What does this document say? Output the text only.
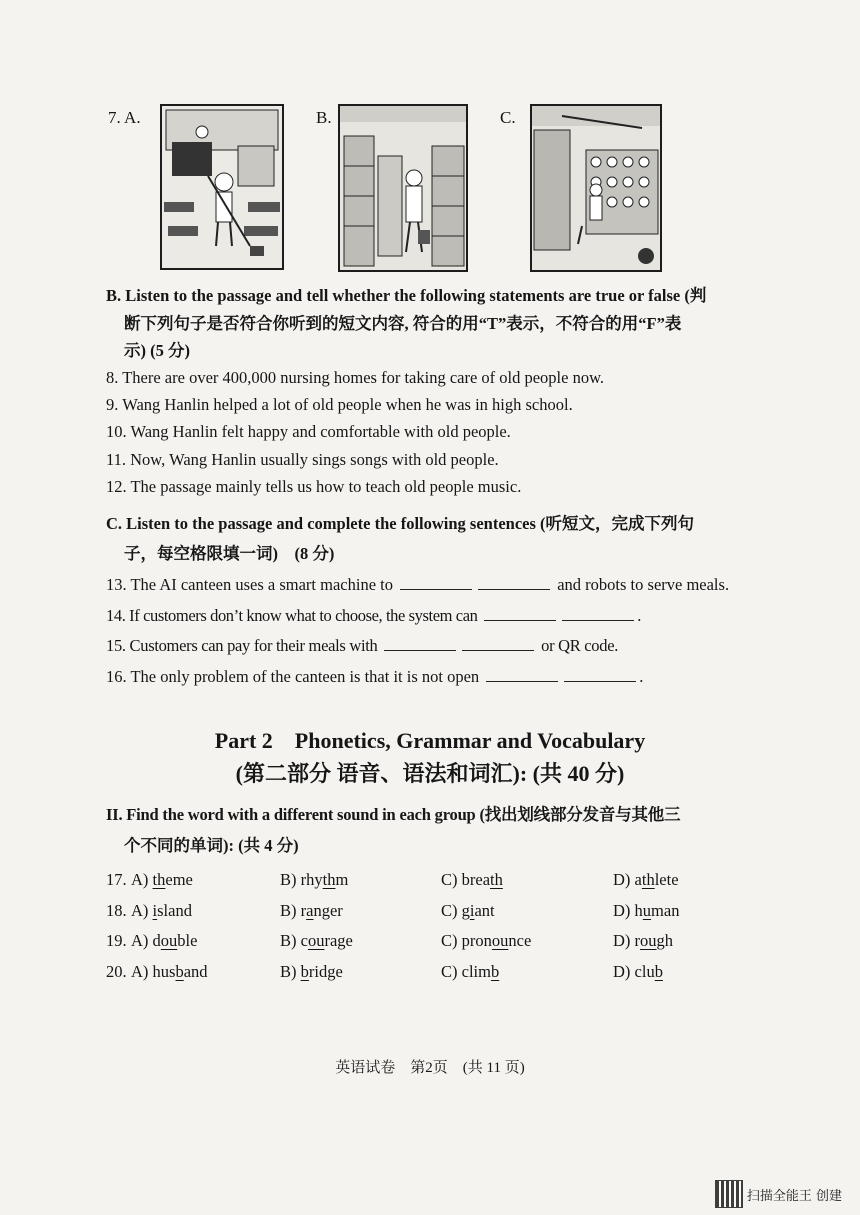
7. A.	B.	C.
B. Listen to the passage and tell whether the following statements are true or false (判
断下列句子是否符合你听到的短文内容, 符合的用“T”表示，不符合的用“F”表
示) (5 分)
8. There are over 400,000 nursing homes for taking care of old people now.
9. Wang Hanlin helped a lot of old people when he was in high school.
10. Wang Hanlin felt happy and comfortable with old people.
11. Now, Wang Hanlin usually sings songs with old people.
12. The passage mainly tells us how to teach old people music.
C. Listen to the passage and complete the following sentences (听短文，完成下列句
子，每空格限填一词)　(8 分)
13. The AI canteen uses a smart machine to	and robots to serve meals.
14. If customers don’t know what to choose, the system can	.
15. Customers can pay for their meals with	or QR code.
16. The only problem of the canteen is that it is not open	.
Part 2　Phonetics, Grammar and Vocabulary
(第二部分 语音、语法和词汇): (共 40 分)
II. Find the word with a different sound in each group (找出划线部分发音与其他三
个不同的单词): (共 4 分)
17. A) theme	B) rhythm	C) breath	D) athlete
18. A) island	B) ranger	C) giant	D) human
19. A) double	B) courage	C) pronounce	D) rough
20. A) husband	B) bridge	C) climb	D) club
英语试卷　第2页　(共 11 页)
扫描全能王 创建
